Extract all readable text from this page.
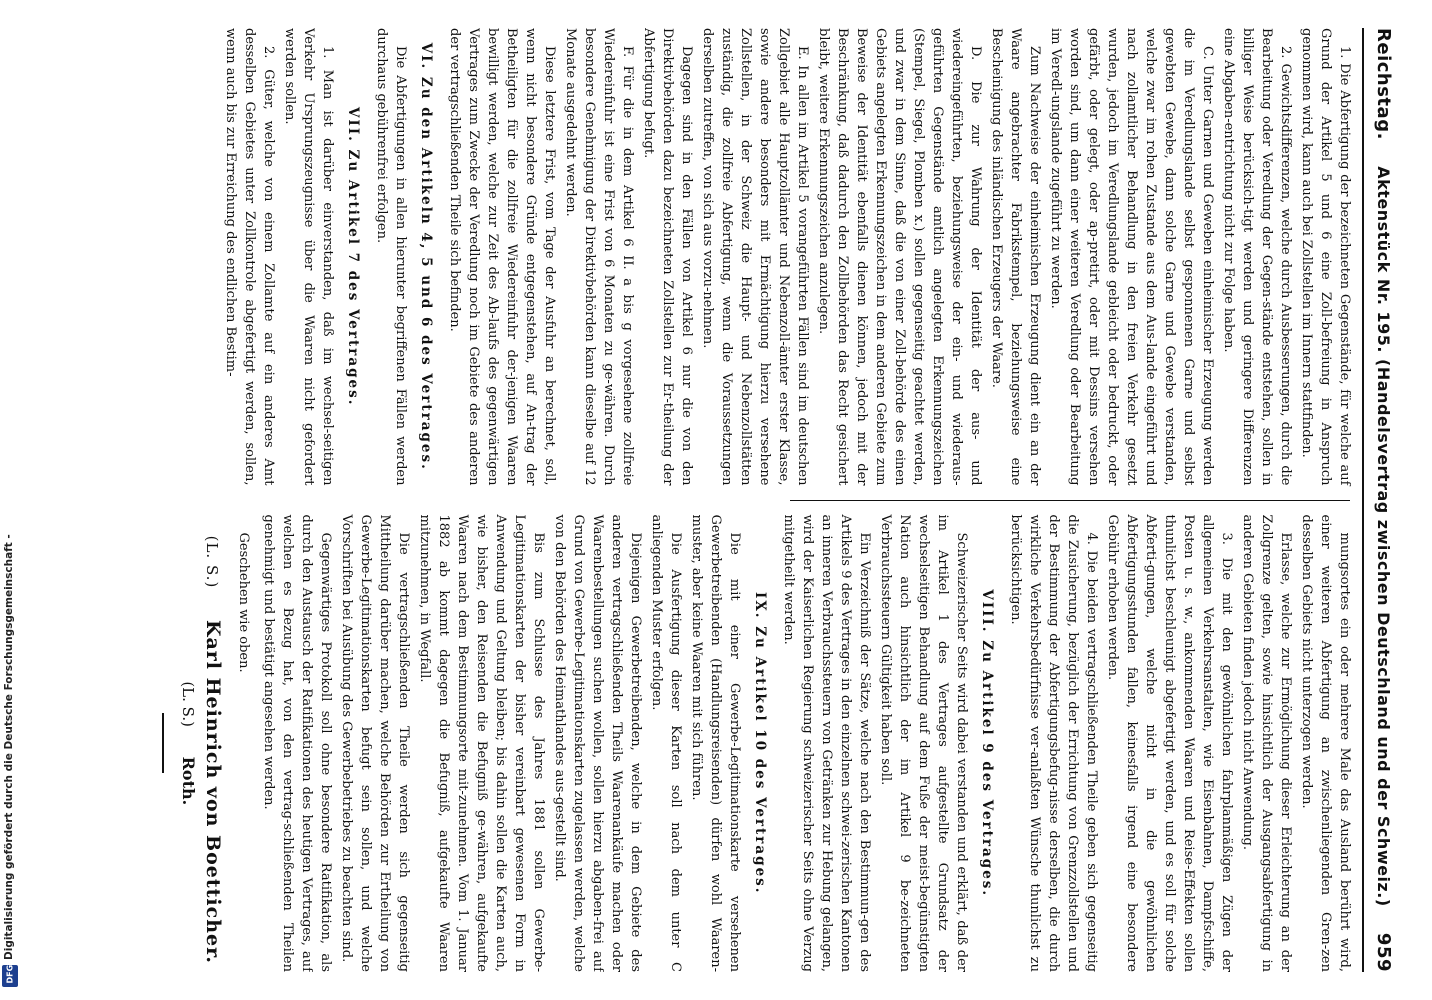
Reichstag.
Aktenstück Nr. 195. (Handelsvertrag zwischen Deutschland und der Schweiz.)
959

1. Die Abfertigung der bezeichneten Gegenstände, für welche auf Grund der Artikel 5 und 6 eine Zoll-befreiung in Anspruch genommen wird, kann auch bei Zollstellen im Innern stattfinden.

2. Gewichtsdifferenzen, welche durch Ausbesserungen, durch die Bearbeitung oder Veredlung der Gegen-stände entstehen, sollen in billiger Weise berücksich-tigt werden und geringere Differenzen eine Abgaben-entrichtung nicht zur Folge haben.

C. Unter Garnen und Geweben einheimischer Erzeugung werden die im Veredlungslande selbst gesponnenen Garne und selbst gewebten Gewebe, dann solche Garne und Gewebe verstanden, welche zwar im rohen Zustande aus dem Aus-lande eingeführt und nach zollamtlicher Behandlung in den freien Verkehr gesetzt wurden, jedoch im Veredlungslande gebleicht oder bedruckt, oder gefärbt, oder gelegt, oder ap-pretirt, oder mit Dessins versehen worden sind, um dann einer weiteren Veredlung oder Bearbeitung im Veredl-ungslande zugeführt zu werden.

Zum Nachweise der einheimischen Erzeugung dient ein an der Waare angebrachter Fabrikstempel, beziehungsweise eine Bescheinigung des inländischen Erzeugers der Waare.

D. Die zur Wahrung der Identität der aus- und wiedereingeführten, beziehungsweise der ein- und wiederaus-geführten Gegenstände amtlich angelegten Erkennungszeichen (Stempel, Siegel, Plomben x.) sollen gegenseitig geachtet werden, und zwar in dem Sinne, daß die von einer Zoll-behörde des einen Gebiets angelegten Erkennungszeichen in dem anderen Gebiete zum Beweise der Identität ebenfalls dienen können, jedoch mit der Beschränkung, daß dadurch den Zollbehörden das Recht gesichert bleibt, weitere Erkennungszeichen anzulegen.

E. In allen im Artikel 5 vorangeführten Fällen sind im deutschen Zollgebiet alle Hauptzollämter und Nebenzoll-ämter erster Klasse, sowie andere besonders mit Ermächtigung hierzu versehene Zollstellen, in der Schweiz die Haupt- und Nebenzollstätten zuständig, die zollfreie Abfertigung, wenn die Voraussetzungen derselben zutreffen, von sich aus vorzu-nehmen.

Dagegen sind in den Fällen von Artikel 6 nur die von den Direktivbehörden dazu bezeichneten Zollstellen zur Er-theilung der Abfertigung befugt.

F. Für die in dem Artikel 6 II. a bis g vorgesehene zollfreie Wiedereinfuhr ist eine Frist von 6 Monaten zu ge-währen. Durch besondere Genehmigung der Direktivbehörden kann dieselbe auf 12 Monate ausgedehnt werden.

Diese letztere Frist, vom Tage der Ausfuhr an berechnet, soll, wenn nicht besondere Gründe entgegenstehen, auf An-trag der Betheiligten für die zollfreie Wiedereinfuhr der-jenigen Waaren bewilligt werden, welche zur Zeit des Ab-laufs des gegenwärtigen Vertrages zum Zwecke der Veredlung noch im Gebiete des anderen der vertragschließenden Theile sich befinden.

VI. Zu den Artikeln 4, 5 und 6 des Vertrages.

Die Abfertigungen in allen hierunter begriffenen Fällen werden durchaus gebührenfrei erfolgen.

VII. Zu Artikel 7 des Vertrages.

1. Man ist darüber einverstanden, daß im wechsel-seitigen Verkehr Ursprungszeugnisse über die Waaren nicht gefordert werden sollen.

2. Güter, welche von einem Zollamte auf ein anderes Amt desselben Gebietes unter Zollkontrole abgefertigt werden, sollen, wenn auch bis zur Erreichung des endlichen Bestim-

mungsortes ein oder mehrere Male das Ausland berührt wird, einer weiteren Abfertigung an zwischenliegenden Gren-zen desselben Gebiets nicht unterzogen werden.

Erlasse, welche zur Ermöglichung dieser Erleichterung an der Zollgrenze gelten, sowie hinsichtlich der Ausgangsabfertigung in anderen Gebieten finden jedoch nicht Anwendung.

3. Die mit den gewöhnlichen fahrplanmäßigen Zügen der allgemeinen Verkehrsanstalten, wie Eisenbahnen, Dampfschiffe, Posten u. s. w., ankommenden Waaren und Reise-Effekten sollen thunlichst beschleunigt abgefertigt werden, und es soll für solche Abferti-gungen, welche nicht in die gewöhnlichen Abfertigungsstunden fallen, keinesfalls irgend eine besondere Gebühr erhoben werden.

4. Die beiden vertragschließenden Theile geben sich gegenseitig die Zusicherung, bezüglich der Errichtung von Grenzzollstellen und der Bestimmung der Abfertigungsbefug-nisse derselben, die durch wirkliche Verkehrsbedürfnisse ver-anlaßten Wünsche thunlichst zu berücksichtigen.

VIII. Zu Artikel 9 des Vertrages.

Schweizerischer Seits wird dabei verstanden und erklärt, daß der im Artikel 1 des Vertrages aufgestellte Grundsatz der wechselseitigen Behandlung auf dem Fuße der meist-begünstigten Nation auch hinsichtlich der im Artikel 9 be-zeichneten Verbrauchssteuern Gültigkeit haben soll.

Ein Verzeichniß der Sätze, welche nach den Bestimmun-gen des Artikels 9 des Vertrages in den einzelnen schwei-zerischen Kantonen an inneren Verbrauchssteuern von Getränken zur Hebung gelangen, wird der Kaiserlichen Regierung schweizerischer Seits ohne Verzug mitgetheilt werden.

IX. Zu Artikel 10 des Vertrages.

Die mit einer Gewerbe-Legitimationskarte versehenen Gewerbetreibenden (Handlungsreisenden) dürfen wohl Waaren-muster, aber keine Waaren mit sich führen.

Die Ausfertigung dieser Karten soll nach dem unter C anliegenden Muster erfolgen.

Diejenigen Gewerbetreibenden, welche in dem Gebiete des anderen vertragschließenden Theils Waarenankäufe machen oder Waarenbestellungen suchen wollen, sollen hierzu abgaben-frei auf Grund von Gewerbe-Legitimationskarten zugelassen werden, welche von den Behörden des Heimathlandes aus-gestellt sind.

Bis zum Schlusse des Jahres 1881 sollen Gewerbe-Legitimationskarten der bisher vereinbart gewesenen Form in Anwendung und Geltung bleiben; bis dahin sollen die Karten auch, wie bisher, den Reisenden die Befugniß ge-währen, aufgekaufte Waaren nach dem Bestimmungsorte mit-zunehmen. Vom 1. Januar 1882 ab kommt dagegen die Befugniß, aufgekaufte Waaren mitzunehmen, in Wegfall.

Die vertragschließenden Theile werden sich gegenseitig Mittheilung darüber machen, welche Behörden zur Ertheilung von Gewerbe-Legitimationskarten befugt sein sollen, und welche Vorschriften bei Ausübung des Gewerbebetriebes zu beachten sind.

Gegenwärtiges Protokoll soll ohne besondere Ratifikation, als durch den Austausch der Ratifikationen des heutigen Vertrages, auf welchen es Bezug hat, von den vertrag-schließenden Theilen genehmigt und bestätigt angesehen werden.

Geschehen wie oben.

(L. S.) Karl Heinrich von Boetticher.
(L. S.) Roth.
Digitalisierung gefördert durch die Deutsche Forschungsgemeinschaft -
DFG
